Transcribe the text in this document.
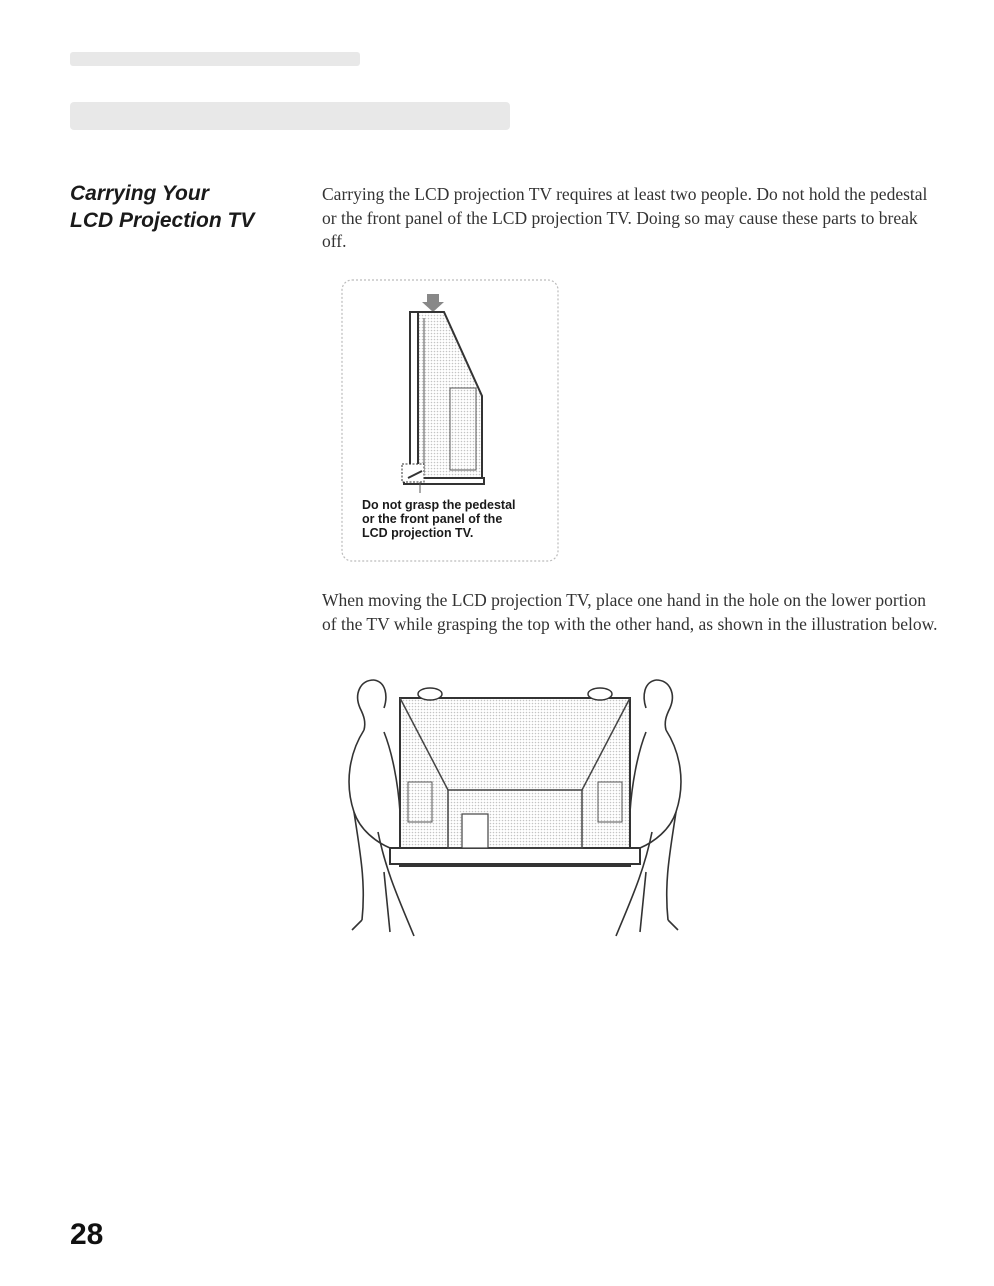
Carrying Your
LCD Projection TV
Carrying the LCD projection TV requires at least two people. Do not hold the pedestal or the front panel of the LCD projection TV. Doing so may cause these parts to break off.
Do not grasp the pedestal
or the front panel of the
LCD projection TV.
When moving the LCD projection TV, place one hand in the hole on the lower portion of the TV while grasping the top with the other hand, as shown in the illustration below.
28
